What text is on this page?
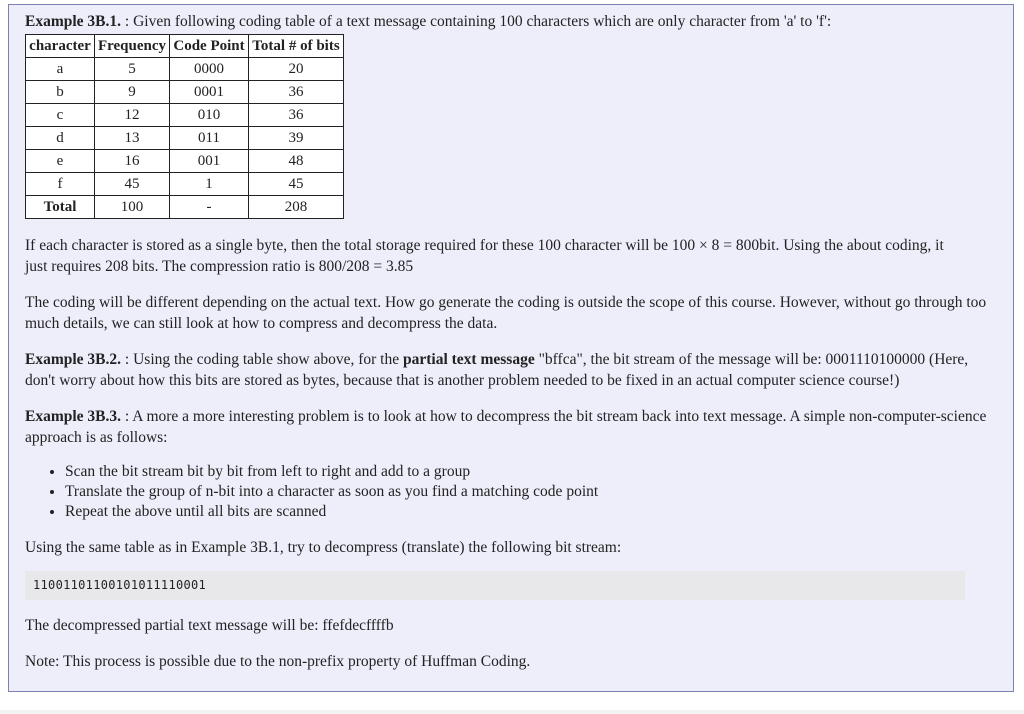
Example 3B.1. : Given following coding table of a text message containing 100 characters which are only character from 'a' to 'f':

character	Frequency	Code Point	Total # of bits
a	5	0000	20
b	9	0001	36
c	12	010	36
d	13	011	39
e	16	001	48
f	45	1	45
Total	100	-	208

If each character is stored as a single byte, then the total storage required for these 100 character will be 100 × 8 = 800bit. Using the about coding, it
just requires 208 bits. The compression ratio is 800/208 = 3.85

The coding will be different depending on the actual text. How go generate the coding is outside the scope of this course. However, without go through too much details, we can still look at how to compress and decompress the data.

Example 3B.2. : Using the coding table show above, for the partial text message "bffca", the bit stream of the message will be: 0001110100000 (Here, don't worry about how this bits are stored as bytes, because that is another problem needed to be fixed in an actual computer science course!)

Example 3B.3. : A more a more interesting problem is to look at how to decompress the bit stream back into text message. A simple non-computer-science approach is as follows:

• Scan the bit stream bit by bit from left to right and add to a group
• Translate the group of n-bit into a character as soon as you find a matching code point
• Repeat the above until all bits are scanned

Using the same table as in Example 3B.1, try to decompress (translate) the following bit stream:

11001101100101011110001

The decompressed partial text message will be: ffefdecffffb

Note: This process is possible due to the non-prefix property of Huffman Coding.
